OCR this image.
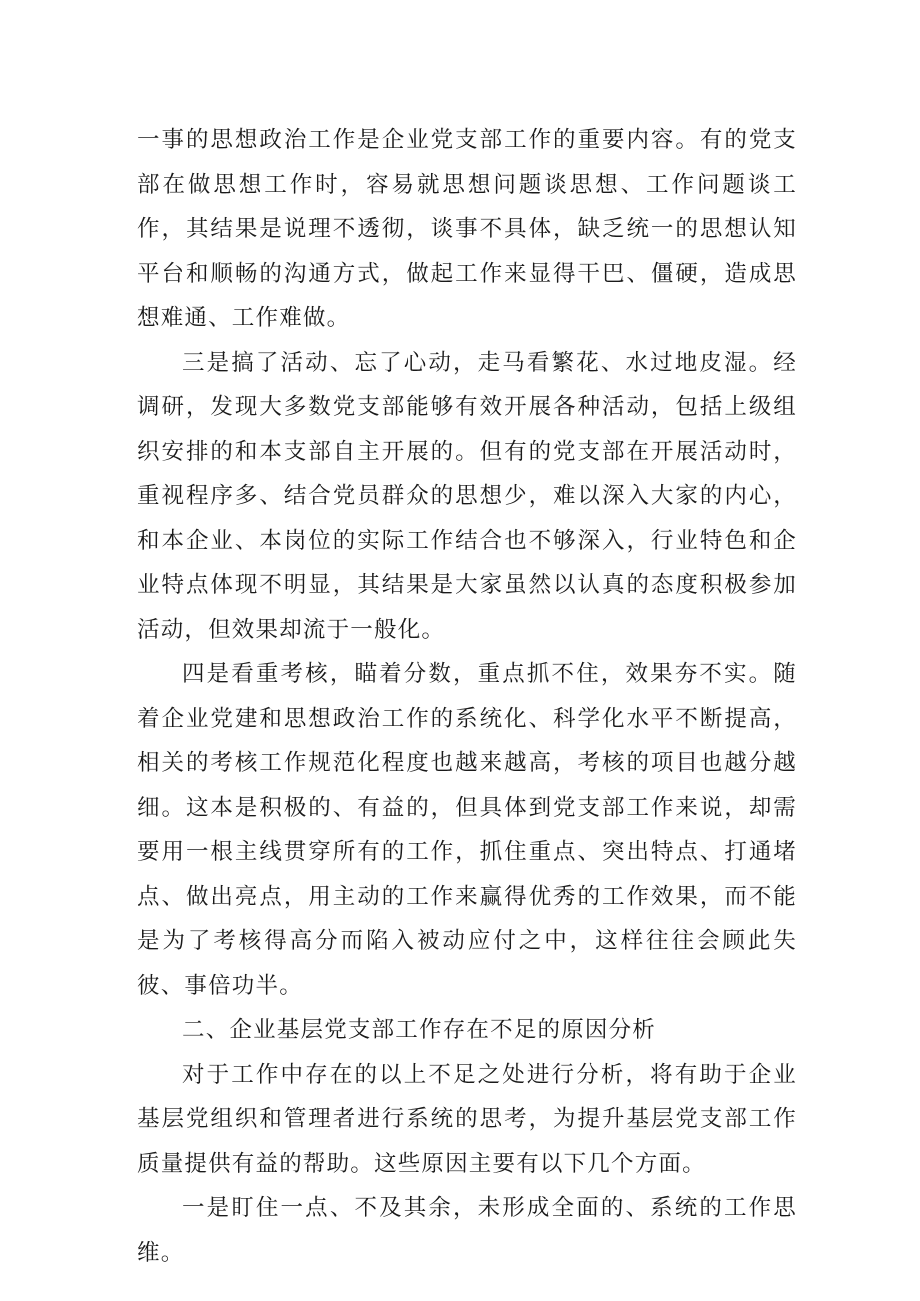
一事的思想政治工作是企业党支部工作的重要内容。有的党支部在做思想工作时，容易就思想问题谈思想、工作问题谈工作，其结果是说理不透彻，谈事不具体，缺乏统一的思想认知平台和顺畅的沟通方式，做起工作来显得干巴、僵硬，造成思想难通、工作难做。

三是搞了活动、忘了心动，走马看繁花、水过地皮湿。经调研，发现大多数党支部能够有效开展各种活动，包括上级组织安排的和本支部自主开展的。但有的党支部在开展活动时，重视程序多、结合党员群众的思想少，难以深入大家的内心，和本企业、本岗位的实际工作结合也不够深入，行业特色和企业特点体现不明显，其结果是大家虽然以认真的态度积极参加活动，但效果却流于一般化。

四是看重考核，瞄着分数，重点抓不住，效果夯不实。随着企业党建和思想政治工作的系统化、科学化水平不断提高，相关的考核工作规范化程度也越来越高，考核的项目也越分越细。这本是积极的、有益的，但具体到党支部工作来说，却需要用一根主线贯穿所有的工作，抓住重点、突出特点、打通堵点、做出亮点，用主动的工作来赢得优秀的工作效果，而不能是为了考核得高分而陷入被动应付之中，这样往往会顾此失彼、事倍功半。

二、企业基层党支部工作存在不足的原因分析

对于工作中存在的以上不足之处进行分析，将有助于企业基层党组织和管理者进行系统的思考，为提升基层党支部工作质量提供有益的帮助。这些原因主要有以下几个方面。

一是盯住一点、不及其余，未形成全面的、系统的工作思维。
